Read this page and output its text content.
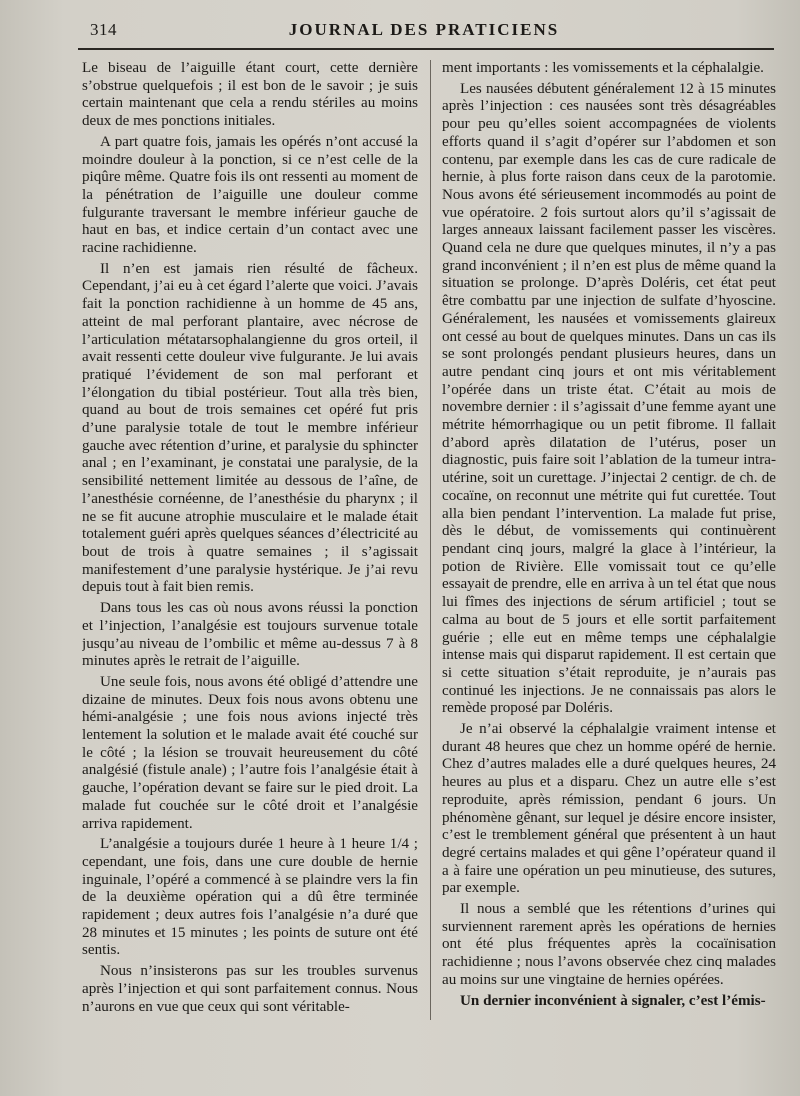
314	JOURNAL DES PRATICIENS

Le biseau de l’aiguille étant court, cette dernière s’obstrue quelquefois ; il est bon de le savoir ; je suis certain maintenant que cela a rendu stériles au moins deux de mes ponctions initiales.

A part quatre fois, jamais les opérés n’ont accusé la moindre douleur à la ponction, si ce n’est celle de la piqûre même. Quatre fois ils ont ressenti au moment de la pénétration de l’aiguille une douleur comme fulgurante traversant le membre inférieur gauche de haut en bas, et indice certain d’un contact avec une racine rachidienne.

Il n’en est jamais rien résulté de fâcheux. Cependant, j’ai eu à cet égard l’alerte que voici. J’avais fait la ponction rachidienne à un homme de 45 ans, atteint de mal perforant plantaire, avec nécrose de l’articulation métatarsophalangienne du gros orteil, il avait ressenti cette douleur vive fulgurante. Je lui avais pratiqué l’évidement de son mal perforant et l’élongation du tibial postérieur. Tout alla très bien, quand au bout de trois semaines cet opéré fut pris d’une paralysie totale de tout le membre inférieur gauche avec rétention d’urine, et paralysie du sphincter anal ; en l’examinant, je constatai une paralysie, de la sensibilité nettement limitée au dessous de l’aîne, de l’anesthésie cornéenne, de l’anesthésie du pharynx ; il ne se fit aucune atrophie musculaire et le malade était totalement guéri après quelques séances d’électricité au bout de trois à quatre semaines ; il s’agissait manifestement d’une paralysie hystérique. Je j’ai revu depuis tout à fait bien remis.

Dans tous les cas où nous avons réussi la ponction et l’injection, l’analgésie est toujours survenue totale jusqu’au niveau de l’ombilic et même au-dessus 7 à 8 minutes après le retrait de l’aiguille.

Une seule fois, nous avons été obligé d’attendre une dizaine de minutes. Deux fois nous avons obtenu une hémi-analgésie ; une fois nous avions injecté très lentement la solution et le malade avait été couché sur le côté ; la lésion se trouvait heureusement du côté analgésié (fistule anale) ; l’autre fois l’analgésie était à gauche, l’opération devant se faire sur le pied droit. La malade fut couchée sur le côté droit et l’analgésie arriva rapidement.

L’analgésie a toujours durée 1 heure à 1 heure 1/4 ; cependant, une fois, dans une cure double de hernie inguinale, l’opéré a commencé à se plaindre vers la fin de la deuxième opération qui a dû être terminée rapidement ; deux autres fois l’analgésie n’a duré que 28 minutes et 15 minutes ; les points de suture ont été sentis.

Nous n’insisterons pas sur les troubles survenus après l’injection et qui sont parfaitement connus. Nous n’aurons en vue que ceux qui sont véritable-

ment importants : les vomissements et la céphalalgie.

Les nausées débutent généralement 12 à 15 minutes après l’injection : ces nausées sont très désagréables pour peu qu’elles soient accompagnées de violents efforts quand il s’agit d’opérer sur l’abdomen et son contenu, par exemple dans les cas de cure radicale de hernie, à plus forte raison dans ceux de la parotomie. Nous avons été sérieusement incommodés au point de vue opératoire. 2 fois surtout alors qu’il s’agissait de larges anneaux laissant facilement passer les viscères. Quand cela ne dure que quelques minutes, il n’y a pas grand inconvénient ; il n’en est plus de même quand la situation se prolonge. D’après Doléris, cet état peut être combattu par une injection de sulfate d’hyoscine. Généralement, les nausées et vomissements glaireux ont cessé au bout de quelques minutes. Dans un cas ils se sont prolongés pendant plusieurs heures, dans un autre pendant cinq jours et ont mis véritablement l’opérée dans un triste état. C’était au mois de novembre dernier : il s’agissait d’une femme ayant une métrite hémorrhagique ou un petit fibrome. Il fallait d’abord après dilatation de l’utérus, poser un diagnostic, puis faire soit l’ablation de la tumeur intra-utérine, soit un curettage. J’injectai 2 centigr. de ch. de cocaïne, on reconnut une métrite qui fut curettée. Tout alla bien pendant l’intervention. La malade fut prise, dès le début, de vomissements qui continuèrent pendant cinq jours, malgré la glace à l’intérieur, la potion de Rivière. Elle vomissait tout ce qu’elle essayait de prendre, elle en arriva à un tel état que nous lui fîmes des injections de sérum artificiel ; tout se calma au bout de 5 jours et elle sortit parfaitement guérie ; elle eut en même temps une céphalalgie intense mais qui disparut rapidement. Il est certain que si cette situation s’était reproduite, je n’aurais pas continué les injections. Je ne connaissais pas alors le remède proposé par Doléris.

Je n’ai observé la céphalalgie vraiment intense et durant 48 heures que chez un homme opéré de hernie. Chez d’autres malades elle a duré quelques heures, 24 heures au plus et a disparu. Chez un autre elle s’est reproduite, après rémission, pendant 6 jours. Un phénomène gênant, sur lequel je désire encore insister, c’est le tremblement général que présentent à un haut degré certains malades et qui gêne l’opérateur quand il a à faire une opération un peu minutieuse, des sutures, par exemple.

Il nous a semblé que les rétentions d’urines qui surviennent rarement après les opérations de hernies ont été plus fréquentes après la cocaïnisation rachidienne ; nous l’avons observée chez cinq malades au moins sur une vingtaine de hernies opérées.

Un dernier inconvénient à signaler, c’est l’émis-
